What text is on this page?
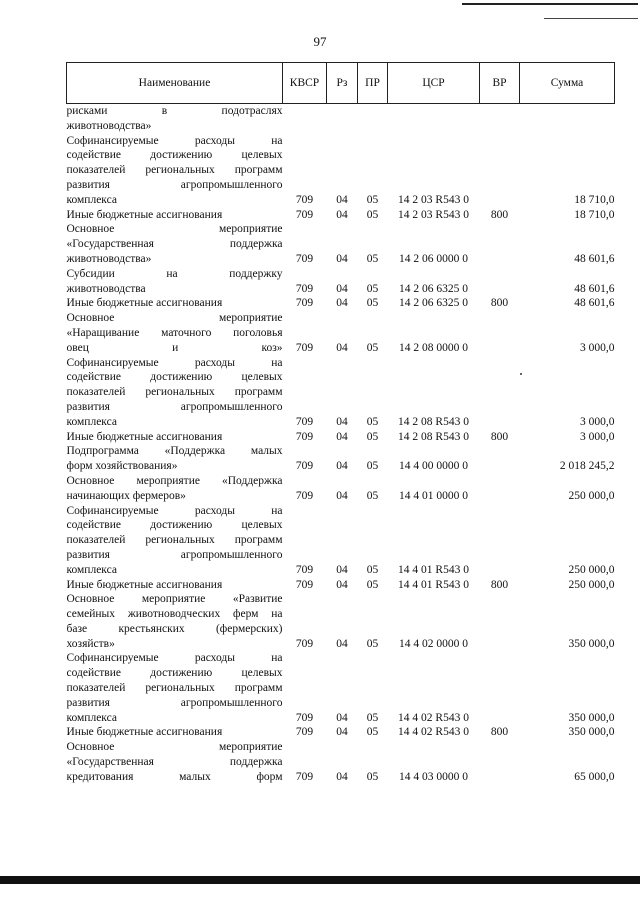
97
Наименование	КВСР	Рз	ПР	ЦСР	ВР	Сумма

рисками в подотраслях
животноводства»						

Софинансируемые расходы на
содействие достижению целевых
показателей региональных программ
развития агропромышленного
комплекса	709	04	05	14 2 03 R543 0		18 710,0

Иные бюджетные ассигнования	709	04	05	14 2 03 R543 0	800	18 710,0

Основное мероприятие
«Государственная поддержка
животноводства»	709	04	05	14 2 06 0000 0		48 601,6

Субсидии на поддержку
животноводства	709	04	05	14 2 06 6325 0		48 601,6

Иные бюджетные ассигнования	709	04	05	14 2 06 6325 0	800	48 601,6

Основное мероприятие
«Наращивание маточного поголовья
овец и коз»	709	04	05	14 2 08 0000 0		3 000,0

Софинансируемые расходы на
содействие достижению целевых
показателей региональных программ
развития агропромышленного
комплекса	709	04	05	14 2 08 R543 0		3 000,0

Иные бюджетные ассигнования	709	04	05	14 2 08 R543 0	800	3 000,0

Подпрограмма «Поддержка малых
форм хозяйствования»	709	04	05	14 4 00 0000 0		2 018 245,2

Основное мероприятие «Поддержка
начинающих фермеров»	709	04	05	14 4 01 0000 0		250 000,0

Софинансируемые расходы на
содействие достижению целевых
показателей региональных программ
развития агропромышленного
комплекса	709	04	05	14 4 01 R543 0		250 000,0

Иные бюджетные ассигнования	709	04	05	14 4 01 R543 0	800	250 000,0

Основное мероприятие «Развитие
семейных животноводческих ферм на
базе крестьянских (фермерских)
хозяйств»	709	04	05	14 4 02 0000 0		350 000,0

Софинансируемые расходы на
содействие достижению целевых
показателей региональных программ
развития агропромышленного
комплекса	709	04	05	14 4 02 R543 0		350 000,0

Иные бюджетные ассигнования	709	04	05	14 4 02 R543 0	800	350 000,0

Основное мероприятие
«Государственная поддержка
кредитования малых форм	709	04	05	14 4 03 0000 0		65 000,0
